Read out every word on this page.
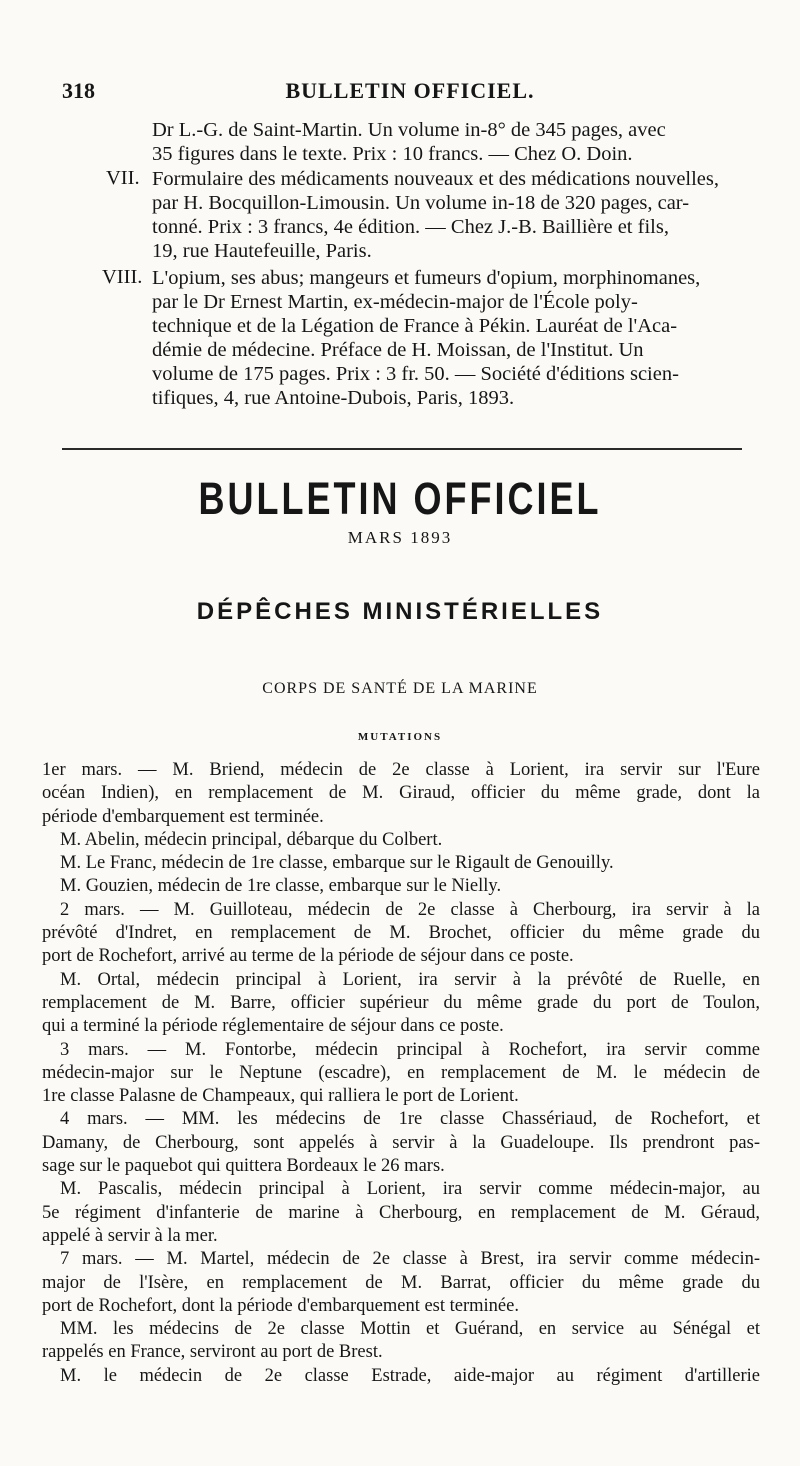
318	BULLETIN OFFICIEL.
Dr L.-G. de Saint-Martin. Un volume in-8° de 345 pages, avec
35 figures dans le texte. Prix : 10 francs. — Chez O. Doin.
VII. Formulaire des médicaments nouveaux et des médications nouvelles,
par H. Bocquillon-Limousin. Un volume in-18 de 320 pages, car-
tonné. Prix : 3 francs, 4e édition. — Chez J.-B. Baillière et fils,
19, rue Hautefeuille, Paris.
VIII. L'opium, ses abus; mangeurs et fumeurs d'opium, morphinomanes,
par le Dr Ernest Martin, ex-médecin-major de l'École poly-
technique et de la Légation de France à Pékin. Lauréat de l'Aca-
démie de médecine. Préface de H. Moissan, de l'Institut. Un
volume de 175 pages. Prix : 3 fr. 50. — Société d'éditions scien-
tifiques, 4, rue Antoine-Dubois, Paris, 1893.
BULLETIN OFFICIEL
MARS 1893
DÉPÊCHES MINISTÉRIELLES
CORPS DE SANTÉ DE LA MARINE
MUTATIONS
1er mars. — M. Briend, médecin de 2e classe à Lorient, ira servir sur l'Eure
océan Indien), en remplacement de M. Giraud, officier du même grade, dont la
période d'embarquement est terminée.
M. Abelin, médecin principal, débarque du Colbert.
M. Le Franc, médecin de 1re classe, embarque sur le Rigault de Genouilly.
M. Gouzien, médecin de 1re classe, embarque sur le Nielly.
2 mars. — M. Guilloteau, médecin de 2e classe à Cherbourg, ira servir à la
prévôté d'Indret, en remplacement de M. Brochet, officier du même grade du
port de Rochefort, arrivé au terme de la période de séjour dans ce poste.
M. Ortal, médecin principal à Lorient, ira servir à la prévôté de Ruelle, en
remplacement de M. Barre, officier supérieur du même grade du port de Toulon,
qui a terminé la période réglementaire de séjour dans ce poste.
3 mars. — M. Fontorbe, médecin principal à Rochefort, ira servir comme
médecin-major sur le Neptune (escadre), en remplacement de M. le médecin de
1re classe Palasne de Champeaux, qui ralliera le port de Lorient.
4 mars. — MM. les médecins de 1re classe Chassériaud, de Rochefort, et
Damany, de Cherbourg, sont appelés à servir à la Guadeloupe. Ils prendront pas-
sage sur le paquebot qui quittera Bordeaux le 26 mars.
M. Pascalis, médecin principal à Lorient, ira servir comme médecin-major, au
5e régiment d'infanterie de marine à Cherbourg, en remplacement de M. Géraud,
appelé à servir à la mer.
7 mars. — M. Martel, médecin de 2e classe à Brest, ira servir comme médecin-
major de l'Isère, en remplacement de M. Barrat, officier du même grade du
port de Rochefort, dont la période d'embarquement est terminée.
MM. les médecins de 2e classe Mottin et Guérand, en service au Sénégal et
rappelés en France, serviront au port de Brest.
M. le médecin de 2e classe Estrade, aide-major au régiment d'artillerie
